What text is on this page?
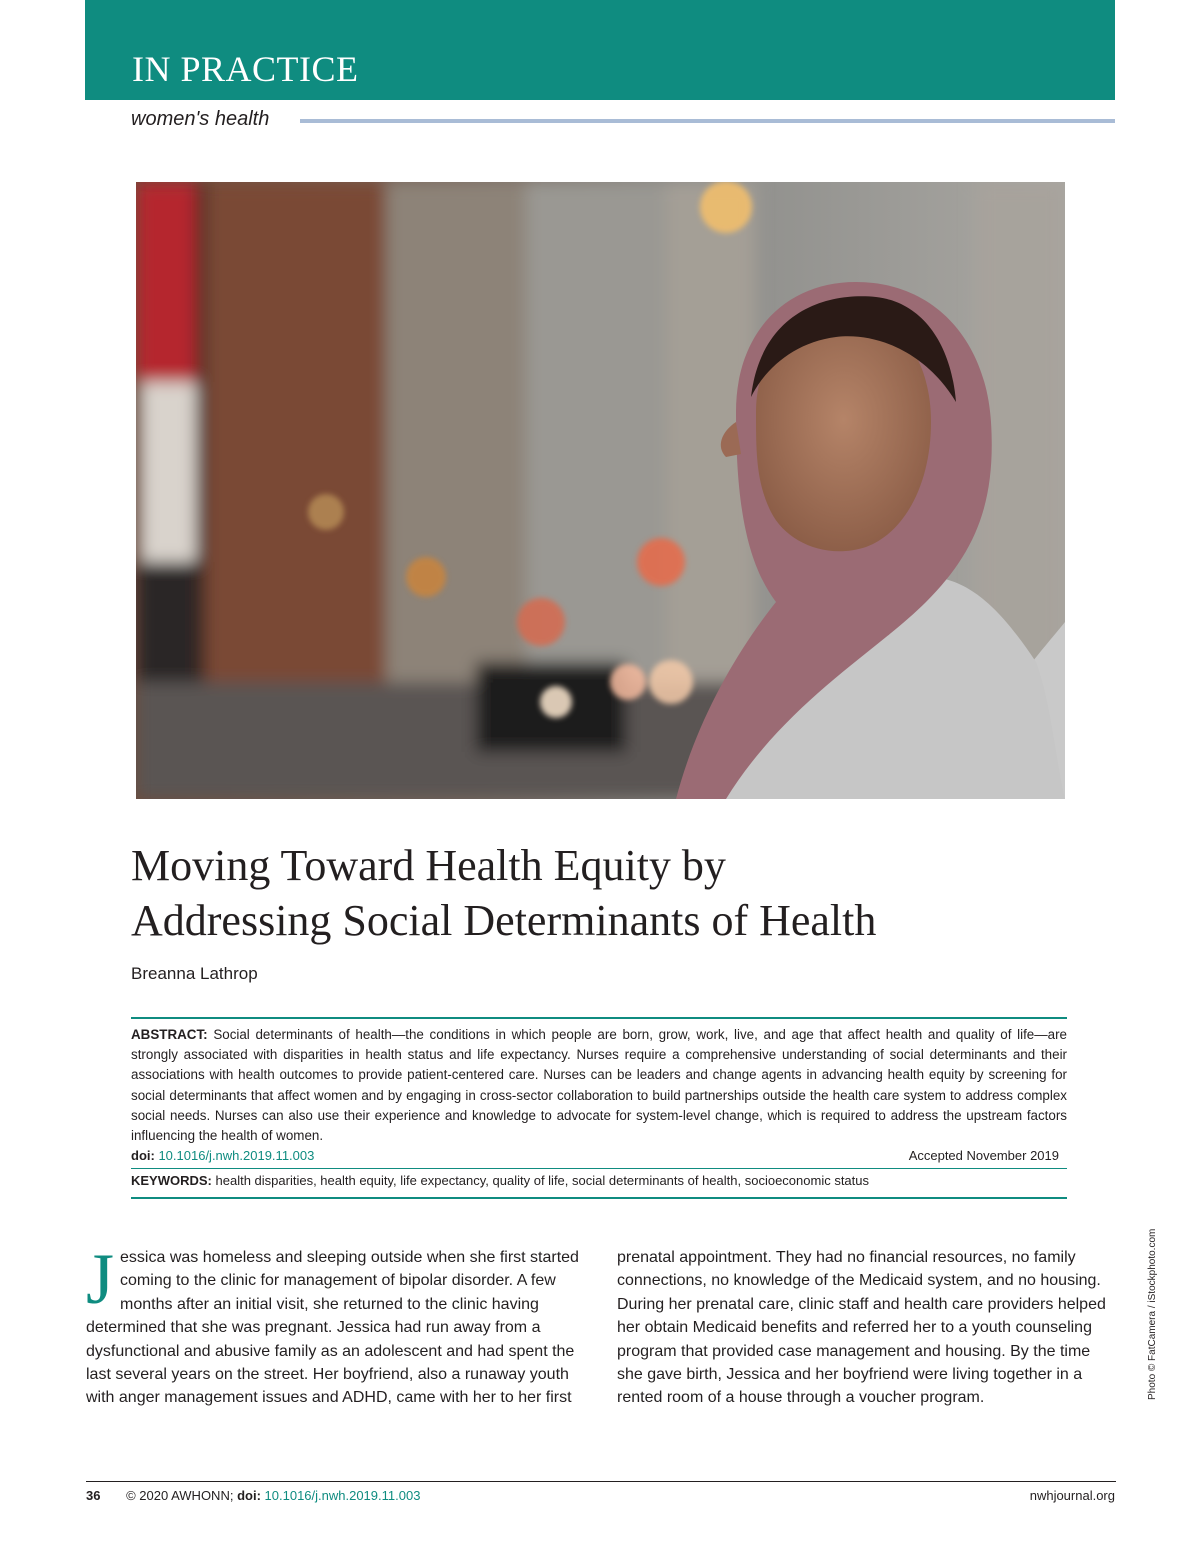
IN PRACTICE
women's health
Moving Toward Health Equity by
Addressing Social Determinants of Health
Breanna Lathrop

ABSTRACT: Social determinants of health—the conditions in which people are born, grow, work, live, and age that affect health and quality of life—are strongly associated with disparities in health status and life expectancy. Nurses require a comprehensive understanding of social determinants and their associations with health outcomes to provide patient-centered care. Nurses can be leaders and change agents in advancing health equity by screening for social determinants that affect women and by engaging in cross-sector collaboration to build partnerships outside the health care system to address complex social needs. Nurses can also use their experience and knowledge to advocate for system-level change, which is required to address the upstream factors influencing the health of women.

doi: 10.1016/j.nwh.2019.11.003	Accepted November 2019
KEYWORDS: health disparities, health equity, life expectancy, quality of life, social determinants of health, socioeconomic status

Jessica was homeless and sleeping outside when she first started coming to the clinic for management of bipolar disorder. A few months after an initial visit, she returned to the clinic having determined that she was pregnant. Jessica had run away from a dysfunctional and abusive family as an adolescent and had spent the last several years on the street. Her boyfriend, also a runaway youth with anger management issues and ADHD, came with her to her first

prenatal appointment. They had no financial resources, no family connections, no knowledge of the Medicaid system, and no housing. During her prenatal care, clinic staff and health care providers helped her obtain Medicaid benefits and referred her to a youth counseling program that provided case management and housing. By the time she gave birth, Jessica and her boyfriend were living together in a rented room of a house through a voucher program.	Photo © FatCamera / iStockphoto.com
36 © 2020 AWHONN; doi: 10.1016/j.nwh.2019.11.003	nwhjournal.org
